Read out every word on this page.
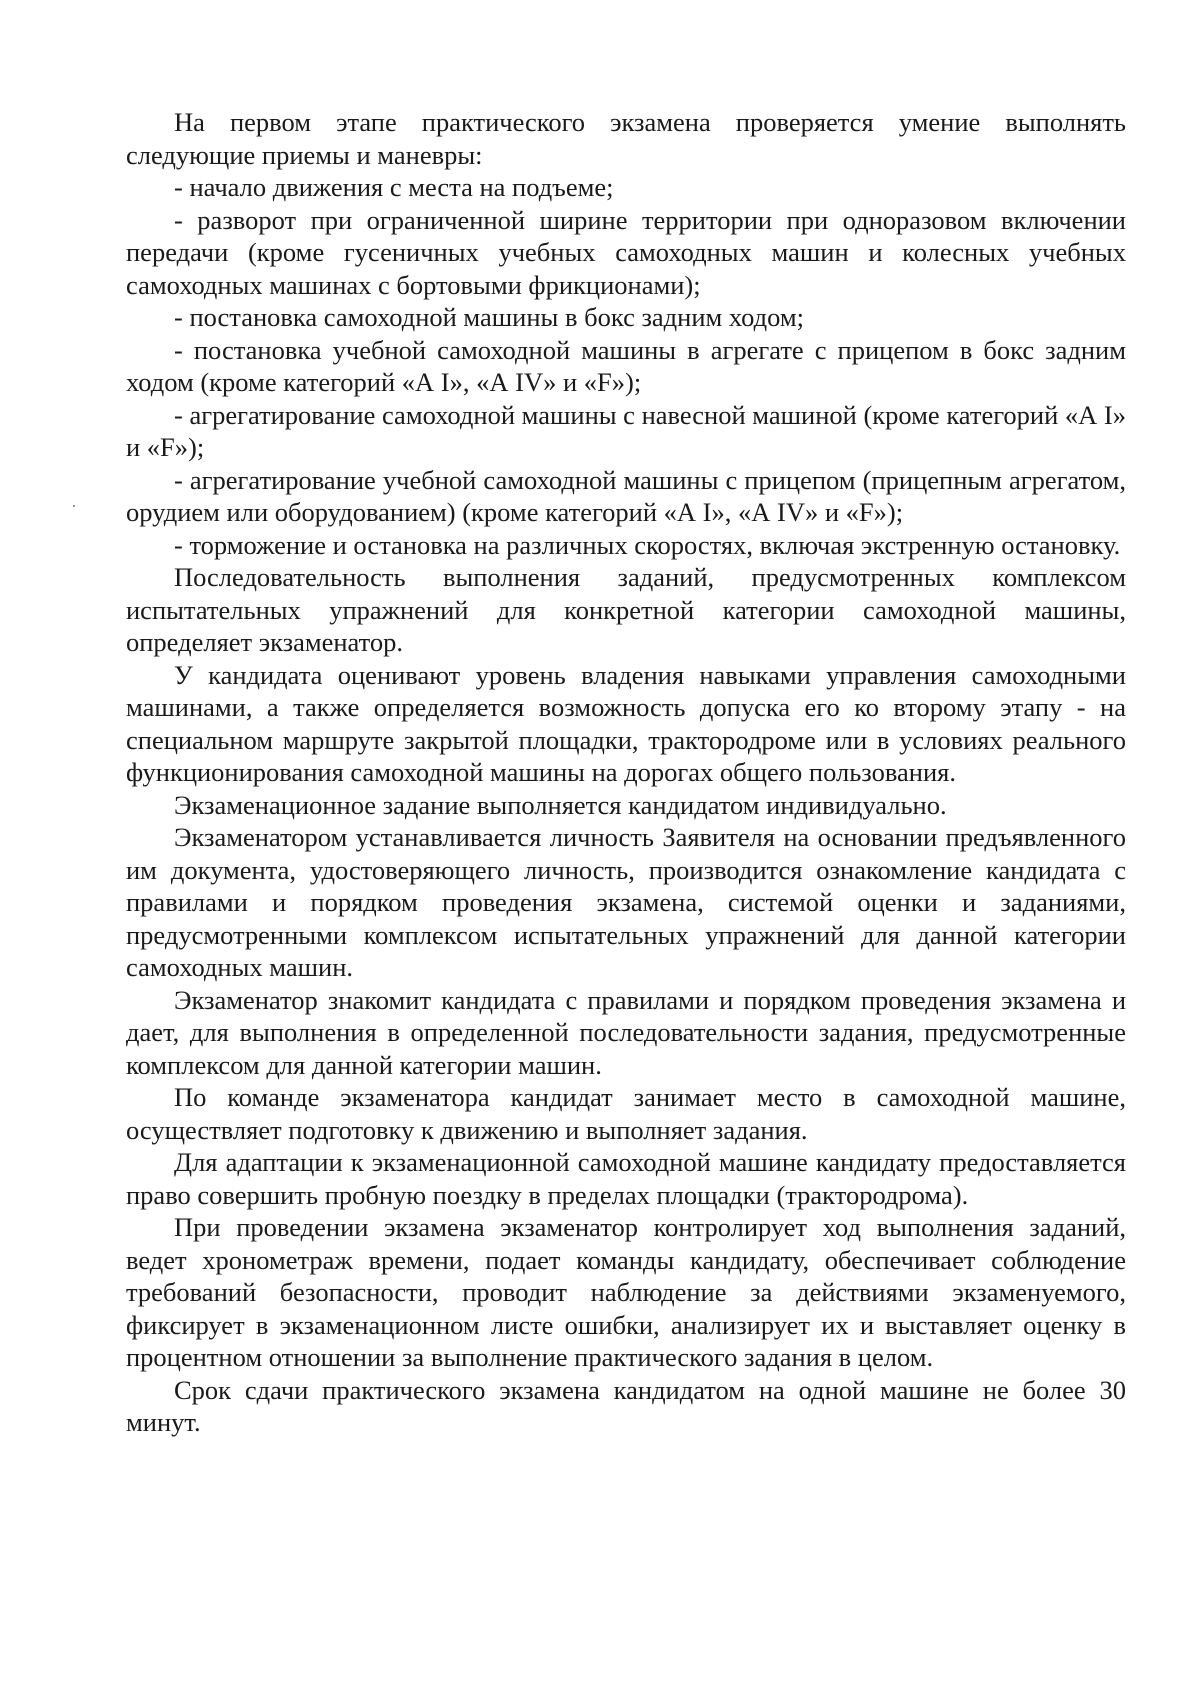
На первом этапе практического экзамена проверяется умение выполнять следующие приемы и маневры:

- начало движения с места на подъеме;

- разворот при ограниченной ширине территории при одноразовом включении передачи (кроме гусеничных учебных самоходных машин и колесных учебных самоходных машинах с бортовыми фрикционами);

- постановка самоходной машины в бокс задним ходом;

- постановка учебной самоходной машины в агрегате с прицепом в бокс задним ходом (кроме категорий «А I», «А IV» и «F»);

- агрегатирование самоходной машины с навесной машиной (кроме категорий «А I» и «F»);

- агрегатирование учебной самоходной машины с прицепом (прицепным агрегатом, орудием или оборудованием) (кроме категорий «А I», «А IV» и «F»);

- торможение и остановка на различных скоростях, включая экстренную остановку.

Последовательность выполнения заданий, предусмотренных комплексом испытательных упражнений для конкретной категории самоходной машины, определяет экзаменатор.

У кандидата оценивают уровень владения навыками управления самоходными машинами, а также определяется возможность допуска его ко второму этапу - на специальном маршруте закрытой площадки, трактородроме или в условиях реального функционирования самоходной машины на дорогах общего пользования.

Экзаменационное задание выполняется кандидатом индивидуально.

Экзаменатором устанавливается личность Заявителя на основании предъявленного им документа, удостоверяющего личность, производится ознакомление кандидата с правилами и порядком проведения экзамена, системой оценки и заданиями, предусмотренными комплексом испытательных упражнений для данной категории самоходных машин.

Экзаменатор знакомит кандидата с правилами и порядком проведения экзамена и дает, для выполнения в определенной последовательности задания, предусмотренные комплексом для данной категории машин.

По команде экзаменатора кандидат занимает место в самоходной машине, осуществляет подготовку к движению и выполняет задания.

Для адаптации к экзаменационной самоходной машине кандидату предоставляется право совершить пробную поездку в пределах площадки (трактородрома).

При проведении экзамена экзаменатор контролирует ход выполнения заданий, ведет хронометраж времени, подает команды кандидату, обеспечивает соблюдение требований безопасности, проводит наблюдение за действиями экзаменуемого, фиксирует в экзаменационном листе ошибки, анализирует их и выставляет оценку в процентном отношении за выполнение практического задания в целом.

Срок сдачи практического экзамена кандидатом на одной машине не более 30 минут.
